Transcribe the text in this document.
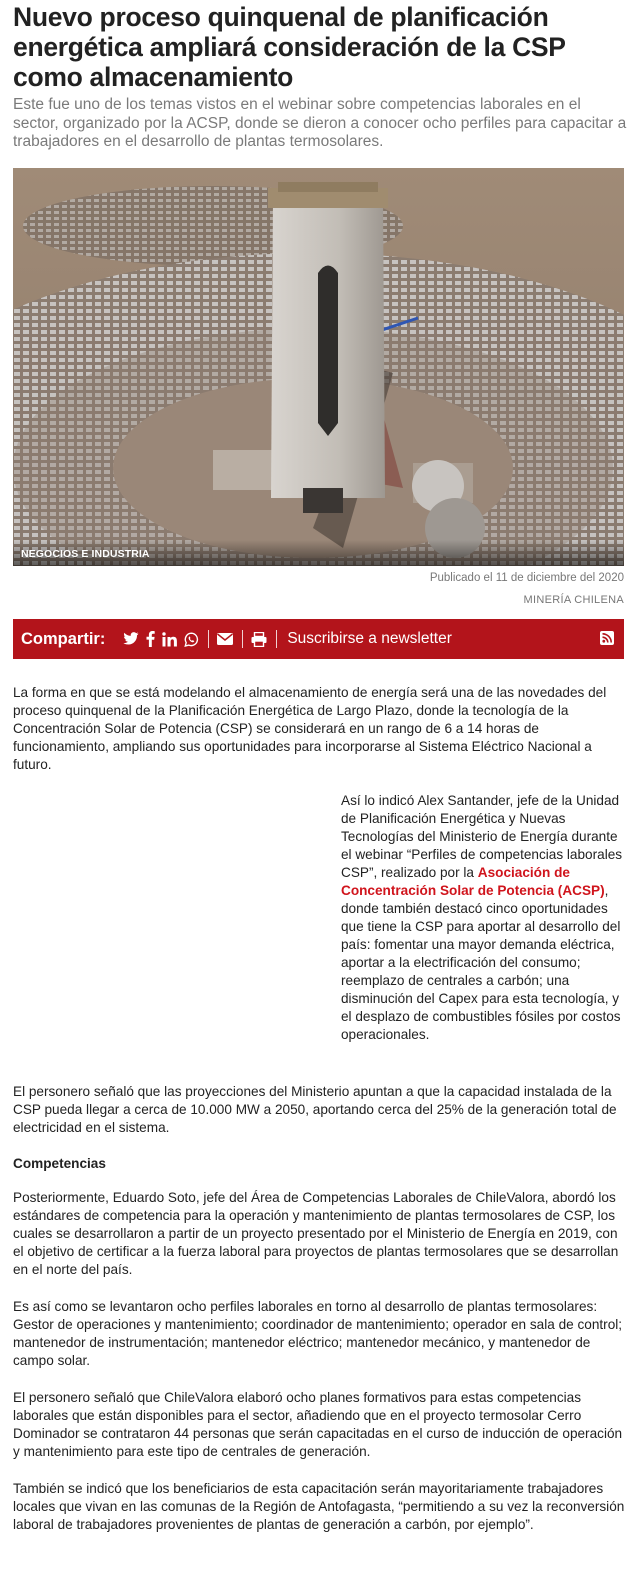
Nuevo proceso quinquenal de planificación energética ampliará consideración de la CSP como almacenamiento

Este fue uno de los temas vistos en el webinar sobre competencias laborales en el sector, organizado por la ACSP, donde se dieron a conocer ocho perfiles para capacitar a trabajadores en el desarrollo de plantas termosolares.

NEGOCIOS E INDUSTRIA
Publicado el 11 de diciembre del 2020
MINERÍA CHILENA
Compartir:	Suscribirse a newsletter

La forma en que se está modelando el almacenamiento de energía será una de las novedades del proceso quinquenal de la Planificación Energética de Largo Plazo, donde la tecnología de la Concentración Solar de Potencia (CSP) se considerará en un rango de 6 a 14 horas de funcionamiento, ampliando sus oportunidades para incorporarse al Sistema Eléctrico Nacional a futuro.

Así lo indicó Alex Santander, jefe de la Unidad de Planificación Energética y Nuevas Tecnologías del Ministerio de Energía durante el webinar “Perfiles de competencias laborales CSP”, realizado por la Asociación de Concentración Solar de Potencia (ACSP), donde también destacó cinco oportunidades que tiene la CSP para aportar al desarrollo del país: fomentar una mayor demanda eléctrica, aportar a la electrificación del consumo; reemplazo de centrales a carbón; una disminución del Capex para esta tecnología, y el desplazo de combustibles fósiles por costos operacionales.

El personero señaló que las proyecciones del Ministerio apuntan a que la capacidad instalada de la CSP pueda llegar a cerca de 10.000 MW a 2050, aportando cerca del 25% de la generación total de electricidad en el sistema.

Competencias

Posteriormente, Eduardo Soto, jefe del Área de Competencias Laborales de ChileValora, abordó los estándares de competencia para la operación y mantenimiento de plantas termosolares de CSP, los cuales se desarrollaron a partir de un proyecto presentado por el Ministerio de Energía en 2019, con el objetivo de certificar a la fuerza laboral para proyectos de plantas termosolares que se desarrollan en el norte del país.

Es así como se levantaron ocho perfiles laborales en torno al desarrollo de plantas termosolares: Gestor de operaciones y mantenimiento; coordinador de mantenimiento; operador en sala de control; mantenedor de instrumentación; mantenedor eléctrico; mantenedor mecánico, y mantenedor de campo solar.

El personero señaló que ChileValora elaboró ocho planes formativos para estas competencias laborales que están disponibles para el sector, añadiendo que en el proyecto termosolar Cerro Dominador se contrataron 44 personas que serán capacitadas en el curso de inducción de operación y mantenimiento para este tipo de centrales de generación.

También se indicó que los beneficiarios de esta capacitación serán mayoritariamente trabajadores locales que vivan en las comunas de la Región de Antofagasta, “permitiendo a su vez la reconversión laboral de trabajadores provenientes de plantas de generación a carbón, por ejemplo”.
